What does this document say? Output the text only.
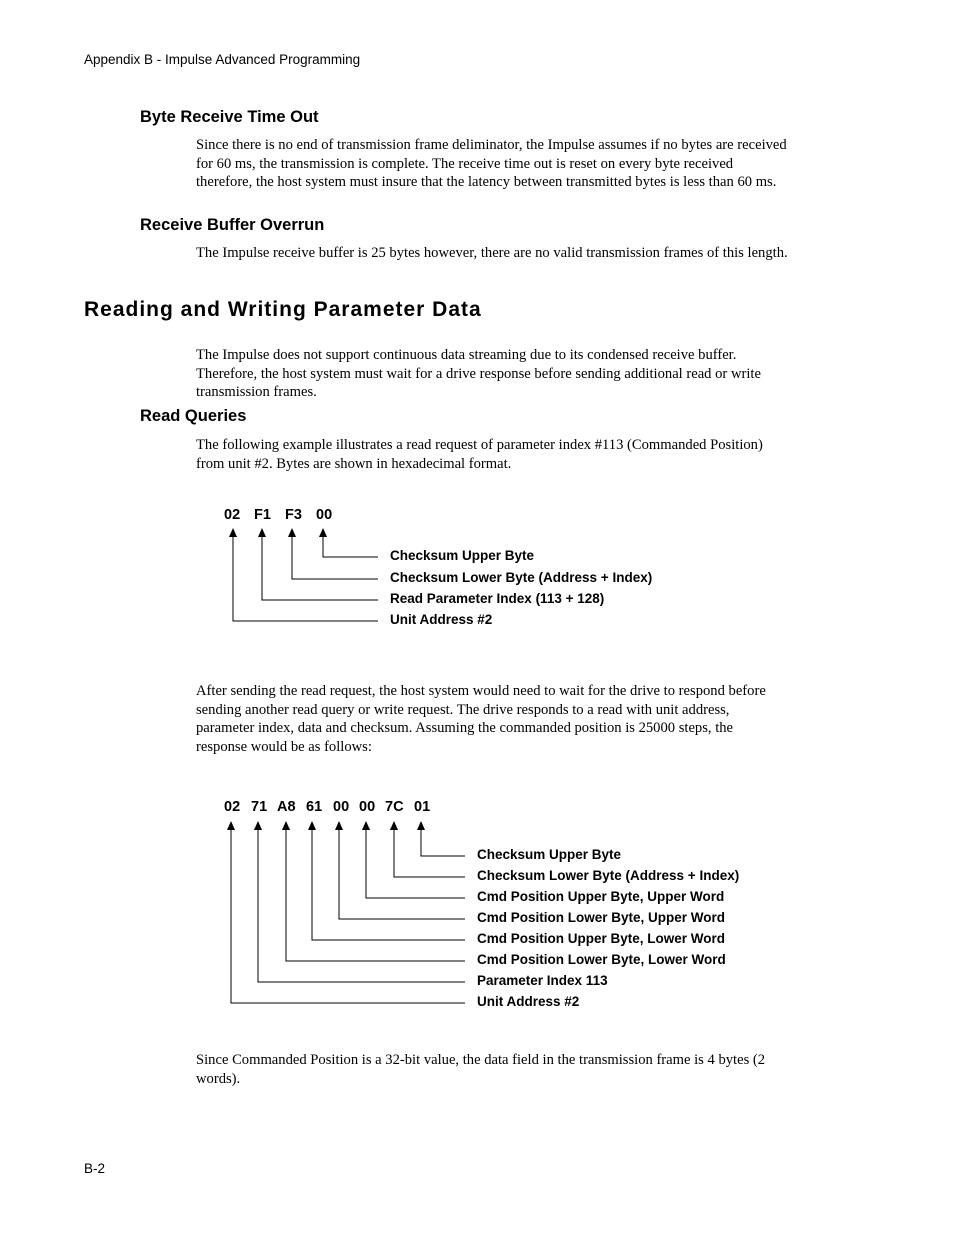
Appendix B - Impulse Advanced Programming
Byte Receive Time Out
Since there is no end of transmission frame deliminator, the Impulse assumes if no bytes are received
for 60 ms, the transmission is complete. The receive time out is reset on every byte received
therefore, the host system must insure that the latency between transmitted bytes is less than 60 ms.
Receive Buffer Overrun
The Impulse receive buffer is 25 bytes however, there are no valid transmission frames of this length.
Reading and Writing Parameter Data
The Impulse does not support continuous data streaming due to its condensed receive buffer.
Therefore, the host system must wait for a drive response before sending additional read or write
transmission frames.
Read Queries
The following example illustrates a read request of parameter index #113 (Commanded Position)
from unit #2. Bytes are shown in hexadecimal format.
02 F1 F3 00
Checksum Upper Byte
Checksum Lower Byte (Address + Index)
Read Parameter Index (113 + 128)
Unit Address #2
After sending the read request, the host system would need to wait for the drive to respond before
sending another read query or write request. The drive responds to a read with unit address,
parameter index, data and checksum. Assuming the commanded position is 25000 steps, the
response would be as follows:
02 71 A8 61 00 00 7C 01
Checksum Upper Byte
Checksum Lower Byte (Address + Index)
Cmd Position Upper Byte, Upper Word
Cmd Position Lower Byte, Upper Word
Cmd Position Upper Byte, Lower Word
Cmd Position Lower Byte, Lower Word
Parameter Index 113
Unit Address #2
Since Commanded Position is a 32-bit value, the data field in the transmission frame is 4 bytes (2
words).
B-2
